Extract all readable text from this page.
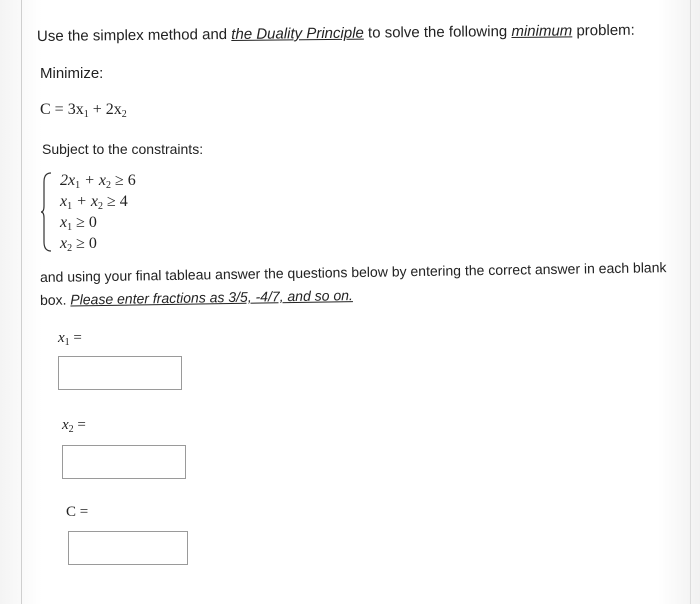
Use the simplex method and the Duality Principle to solve the following minimum problem:
Minimize:
$C = 3x_1 + 2x_2$
Subject to the constraints:
$2x_1 + x_2 \ge 6$
$x_1 + x_2 \ge 4$
$x_1 \ge 0$
$x_2 \ge 0$
and using your final tableau answer the questions below by entering the correct answer in each blank
box. Please enter fractions as 3/5, -4/7, and so on.
$x_1$ =
$x_2$ =
C =
